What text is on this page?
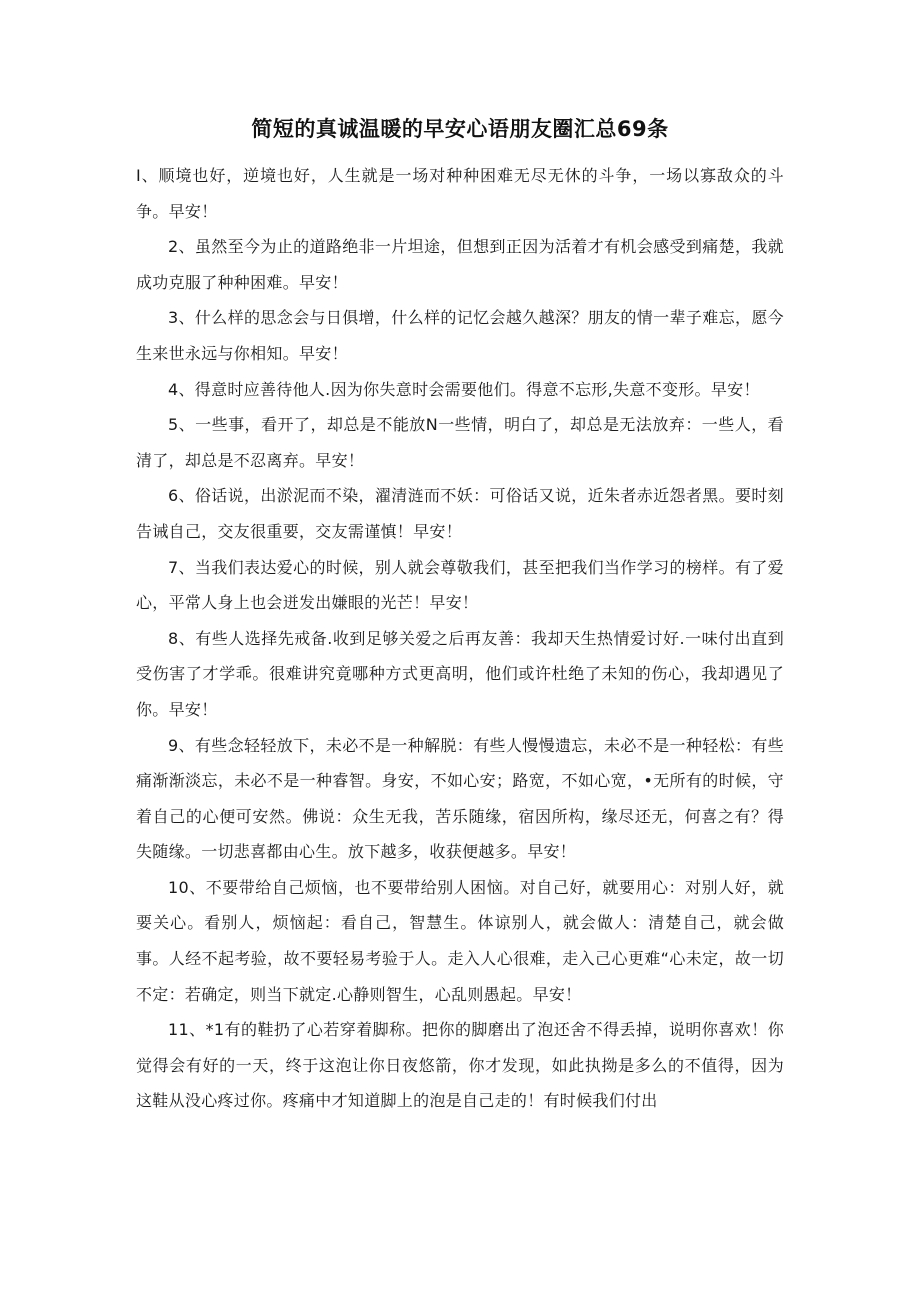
简短的真诚温暖的早安心语朋友圈汇总69条

I、顺境也好，逆境也好，人生就是一场对种种困难无尽无休的斗争，一场以寡敌众的斗争。早安！

2、虽然至今为止的道路绝非一片坦途，但想到正因为活着才有机会感受到痛楚，我就成功克服了种种困难。早安！

3、什么样的思念会与日俱增，什么样的记忆会越久越深？朋友的情一辈子难忘，愿今生来世永远与你相知。早安！

4、得意时应善待他人.因为你失意时会需要他们。得意不忘形,失意不变形。早安！

5、一些事，看开了，却总是不能放N一些情，明白了，却总是无法放弃：一些人，看清了，却总是不忍离弃。早安！

6、俗话说，出淤泥而不染，濯清涟而不妖：可俗话又说，近朱者赤近怨者黑。要时刻告诫自己，交友很重要，交友需谨慎！早安！

7、当我们表达爱心的时候，别人就会尊敬我们，甚至把我们当作学习的榜样。有了爱心，平常人身上也会迸发出嫌眼的光芒！早安！

8、有些人选择先戒备.收到足够关爱之后再友善：我却天生热情爱讨好.一味付出直到受伤害了才学乖。很难讲究竟哪种方式更高明，他们或许杜绝了未知的伤心，我却遇见了你。早安！

9、有些念轻轻放下，未必不是一种解脱：有些人慢慢遗忘，未必不是一种轻松：有些痛渐渐淡忘，未必不是一种睿智。身安，不如心安；路宽，不如心宽，•无所有的时候，守着自己的心便可安然。佛说：众生无我，苦乐随缘，宿因所构，缘尽还无，何喜之有？得失随缘。一切悲喜都由心生。放下越多，收获便越多。早安！

10、不要带给自己烦恼，也不要带给别人困恼。对自己好，就要用心：对别人好，就要关心。看别人，烦恼起：看自己，智慧生。体谅别人，就会做人：清楚自己，就会做事。人经不起考验，故不要轻易考验于人。走入人心很难，走入己心更难“心未定，故一切不定：若确定，则当下就定.心静则智生，心乱则愚起。早安！

11、*1有的鞋扔了心若穿着脚称。把你的脚磨出了泡还舍不得丢掉，说明你喜欢！你觉得会有好的一天，终于这泡让你日夜悠箭，你才发现，如此执拗是多么的不值得，因为这鞋从没心疼过你。疼痛中才知道脚上的泡是自己走的！有时候我们付出
